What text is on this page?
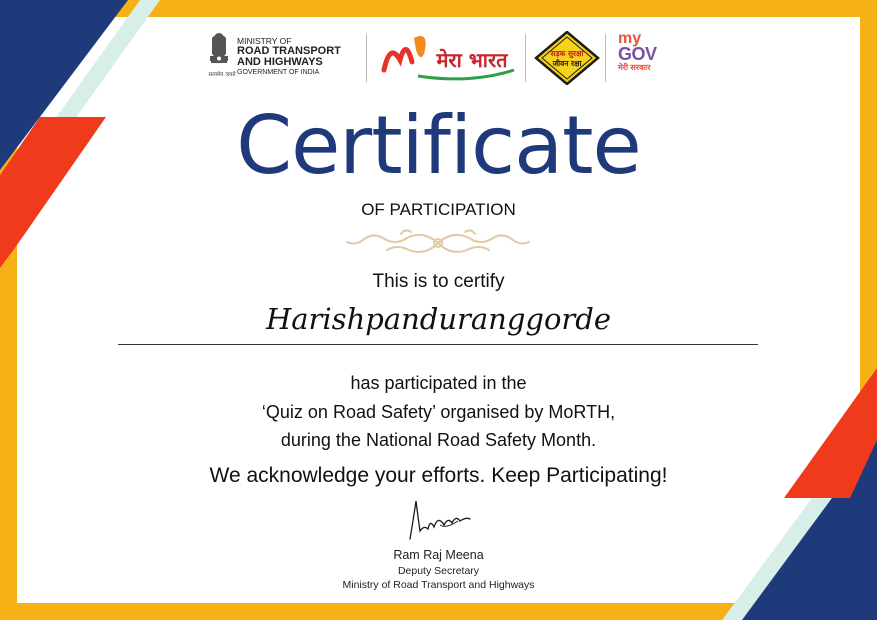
सत्यमेव जयते
MINISTRY OF
ROAD TRANSPORT
AND HIGHWAYS
GOVERNMENT OF INDIA
मेरा भारत	सड़क सुरक्षा
जीवन रक्षा
my
GOV
मेरी सरकार
Certificate
OF PARTICIPATION
This is to certify
Harishpanduranggorde
has participated in the
‘Quiz on Road Safety’ organised by MoRTH,
during the National Road Safety Month.
We acknowledge your efforts. Keep Participating!
Ram Raj Meena
Deputy Secretary
Ministry of Road Transport and Highways
